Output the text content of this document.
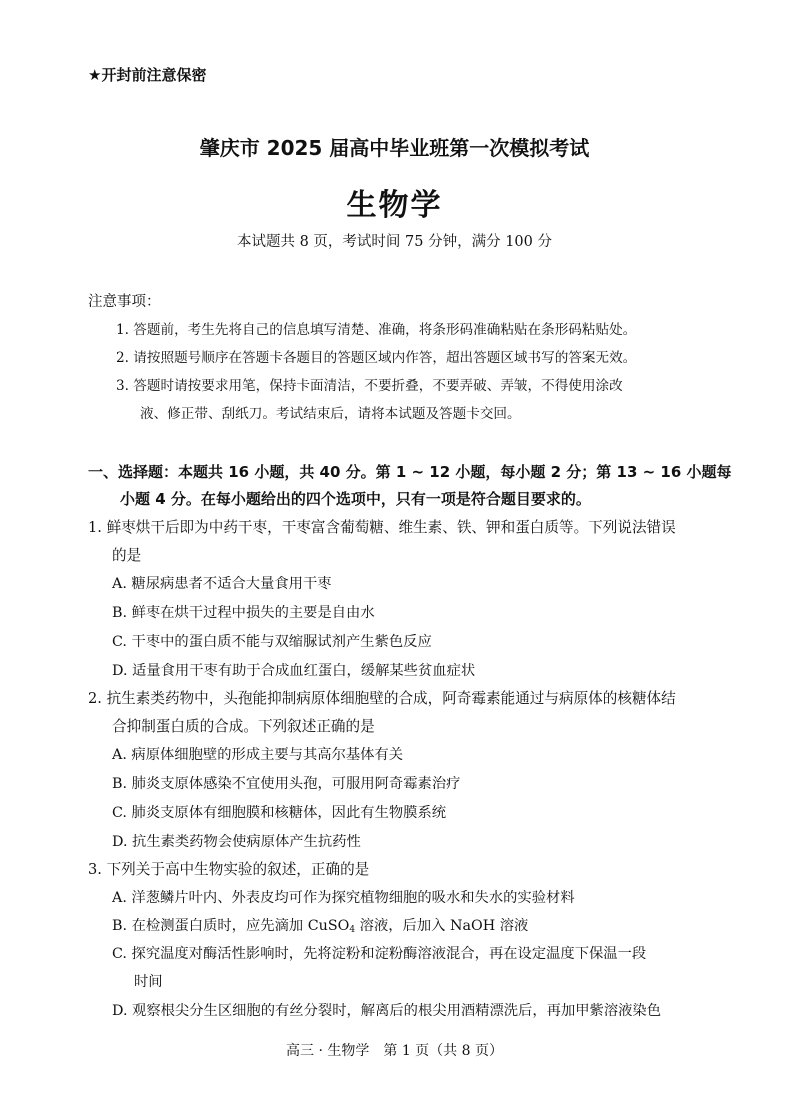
★开封前注意保密
肇庆市 2025 届高中毕业班第一次模拟考试
生物学
本试题共 8 页，考试时间 75 分钟，满分 100 分
注意事项：
1. 答题前，考生先将自己的信息填写清楚、准确，将条形码准确粘贴在条形码粘贴处。
2. 请按照题号顺序在答题卡各题目的答题区域内作答，超出答题区域书写的答案无效。
3. 答题时请按要求用笔，保持卡面清洁，不要折叠，不要弄破、弄皱，不得使用涂改
液、修正带、刮纸刀。考试结束后，请将本试题及答题卡交回。
一、选择题：本题共 16 小题，共 40 分。第 1 ~ 12 小题，每小题 2 分；第 13 ~ 16 小题每
小题 4 分。在每小题给出的四个选项中，只有一项是符合题目要求的。
1. 鲜枣烘干后即为中药干枣，干枣富含葡萄糖、维生素、铁、钾和蛋白质等。下列说法错误
的是
A. 糖尿病患者不适合大量食用干枣
B. 鲜枣在烘干过程中损失的主要是自由水
C. 干枣中的蛋白质不能与双缩脲试剂产生紫色反应
D. 适量食用干枣有助于合成血红蛋白，缓解某些贫血症状
2. 抗生素类药物中，头孢能抑制病原体细胞壁的合成，阿奇霉素能通过与病原体的核糖体结
合抑制蛋白质的合成。下列叙述正确的是
A. 病原体细胞壁的形成主要与其高尔基体有关
B. 肺炎支原体感染不宜使用头孢，可服用阿奇霉素治疗
C. 肺炎支原体有细胞膜和核糖体，因此有生物膜系统
D. 抗生素类药物会使病原体产生抗药性
3. 下列关于高中生物实验的叙述，正确的是
A. 洋葱鳞片叶内、外表皮均可作为探究植物细胞的吸水和失水的实验材料
B. 在检测蛋白质时，应先滴加 CuSO$_4$ 溶液，后加入 NaOH 溶液
C. 探究温度对酶活性影响时，先将淀粉和淀粉酶溶液混合，再在设定温度下保温一段
时间
D. 观察根尖分生区细胞的有丝分裂时，解离后的根尖用酒精漂洗后，再加甲紫溶液染色
高三 · 生物学　第 1 页（共 8 页）
